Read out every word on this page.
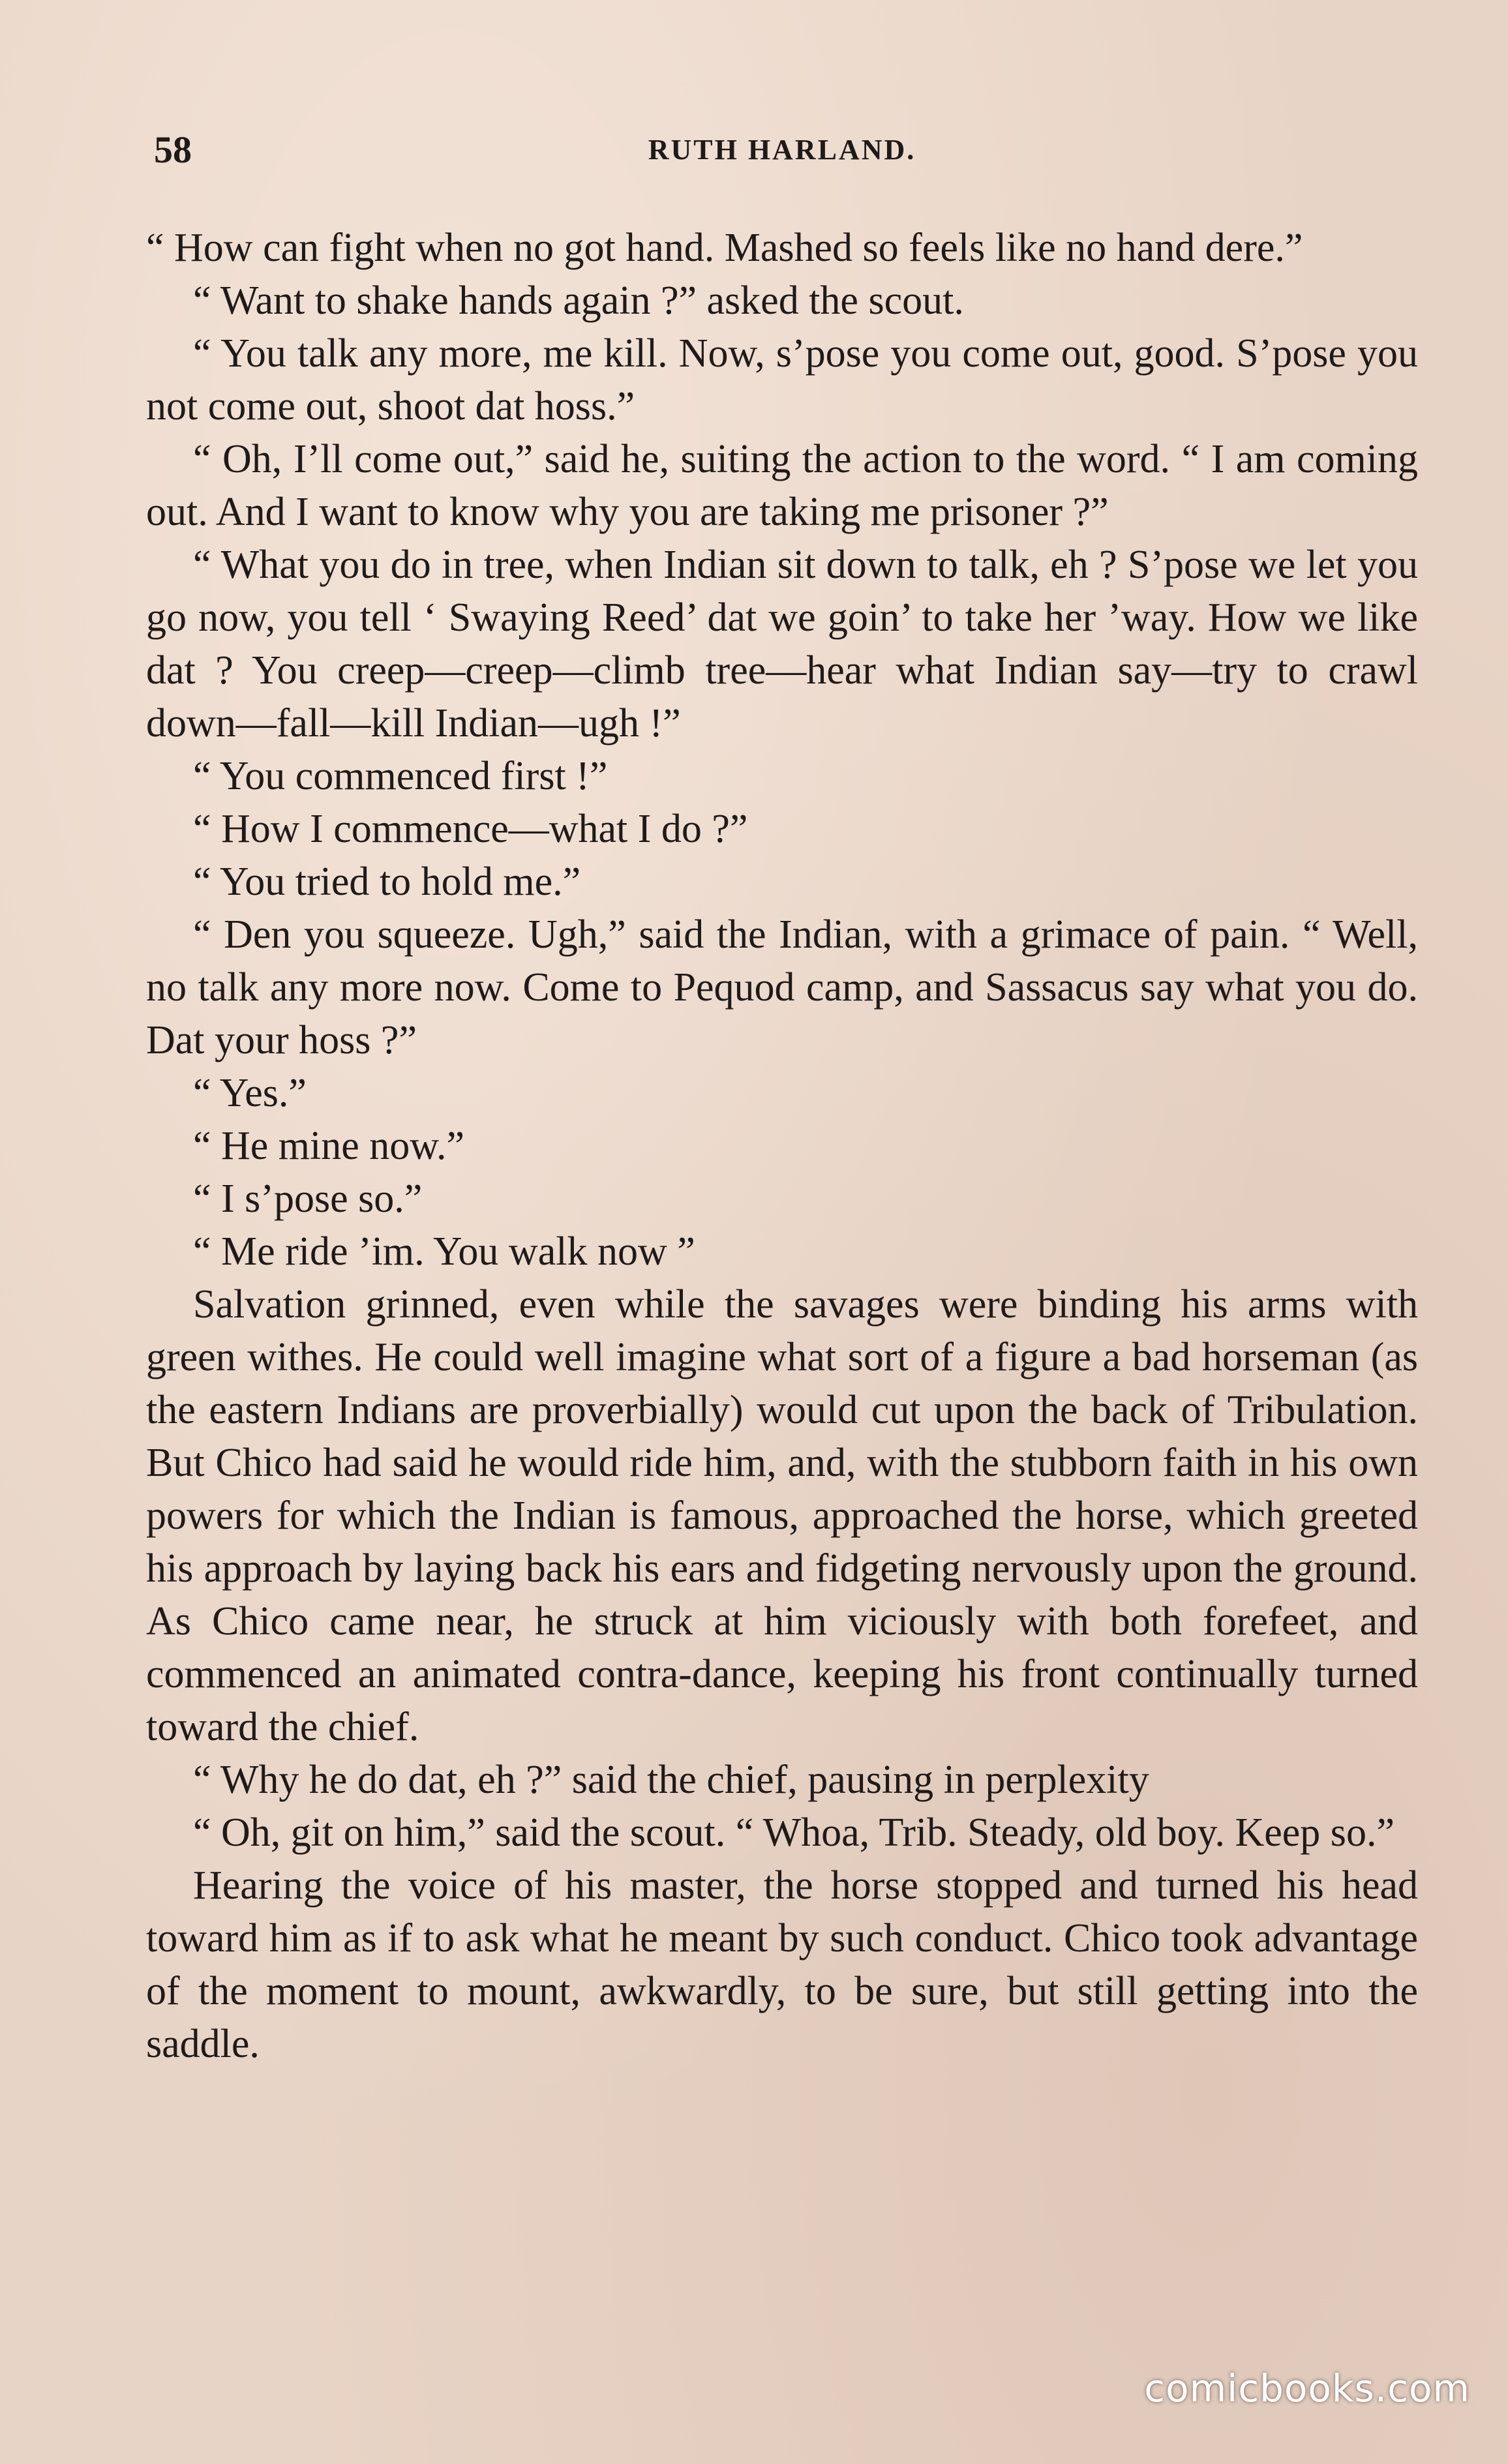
58	RUTH HARLAND.

“ How can fight when no got hand. Mashed so feels like no hand dere.”

“ Want to shake hands again ?” asked the scout.

“ You talk any more, me kill. Now, s’pose you come out, good. S’pose you not come out, shoot dat hoss.”

“ Oh, I’ll come out,” said he, suiting the action to the word. “ I am coming out. And I want to know why you are taking me prisoner ?”

“ What you do in tree, when Indian sit down to talk, eh ? S’pose we let you go now, you tell ‘ Swaying Reed’ dat we goin’ to take her ’way. How we like dat ? You creep—creep—climb tree—hear what Indian say—try to crawl down—fall—kill Indian—ugh !”

“ You commenced first !”

“ How I commence—what I do ?”

“ You tried to hold me.”

“ Den you squeeze. Ugh,” said the Indian, with a grimace of pain. “ Well, no talk any more now. Come to Pequod camp, and Sassacus say what you do. Dat your hoss ?”

“ Yes.”

“ He mine now.”

“ I s’pose so.”

“ Me ride ’im. You walk now ”

Salvation grinned, even while the savages were binding his arms with green withes. He could well imagine what sort of a figure a bad horseman (as the eastern Indians are proverbially) would cut upon the back of Tribulation. But Chico had said he would ride him, and, with the stubborn faith in his own powers for which the Indian is famous, approached the horse, which greeted his approach by laying back his ears and fidgeting nervously upon the ground. As Chico came near, he struck at him viciously with both forefeet, and commenced an animated contra-dance, keeping his front continually turned toward the chief.

“ Why he do dat, eh ?” said the chief, pausing in perplexity

“ Oh, git on him,” said the scout. “ Whoa, Trib. Steady, old boy. Keep so.”

Hearing the voice of his master, the horse stopped and turned his head toward him as if to ask what he meant by such conduct. Chico took advantage of the moment to mount, awkwardly, to be sure, but still getting into the saddle.

comicbooks.com
